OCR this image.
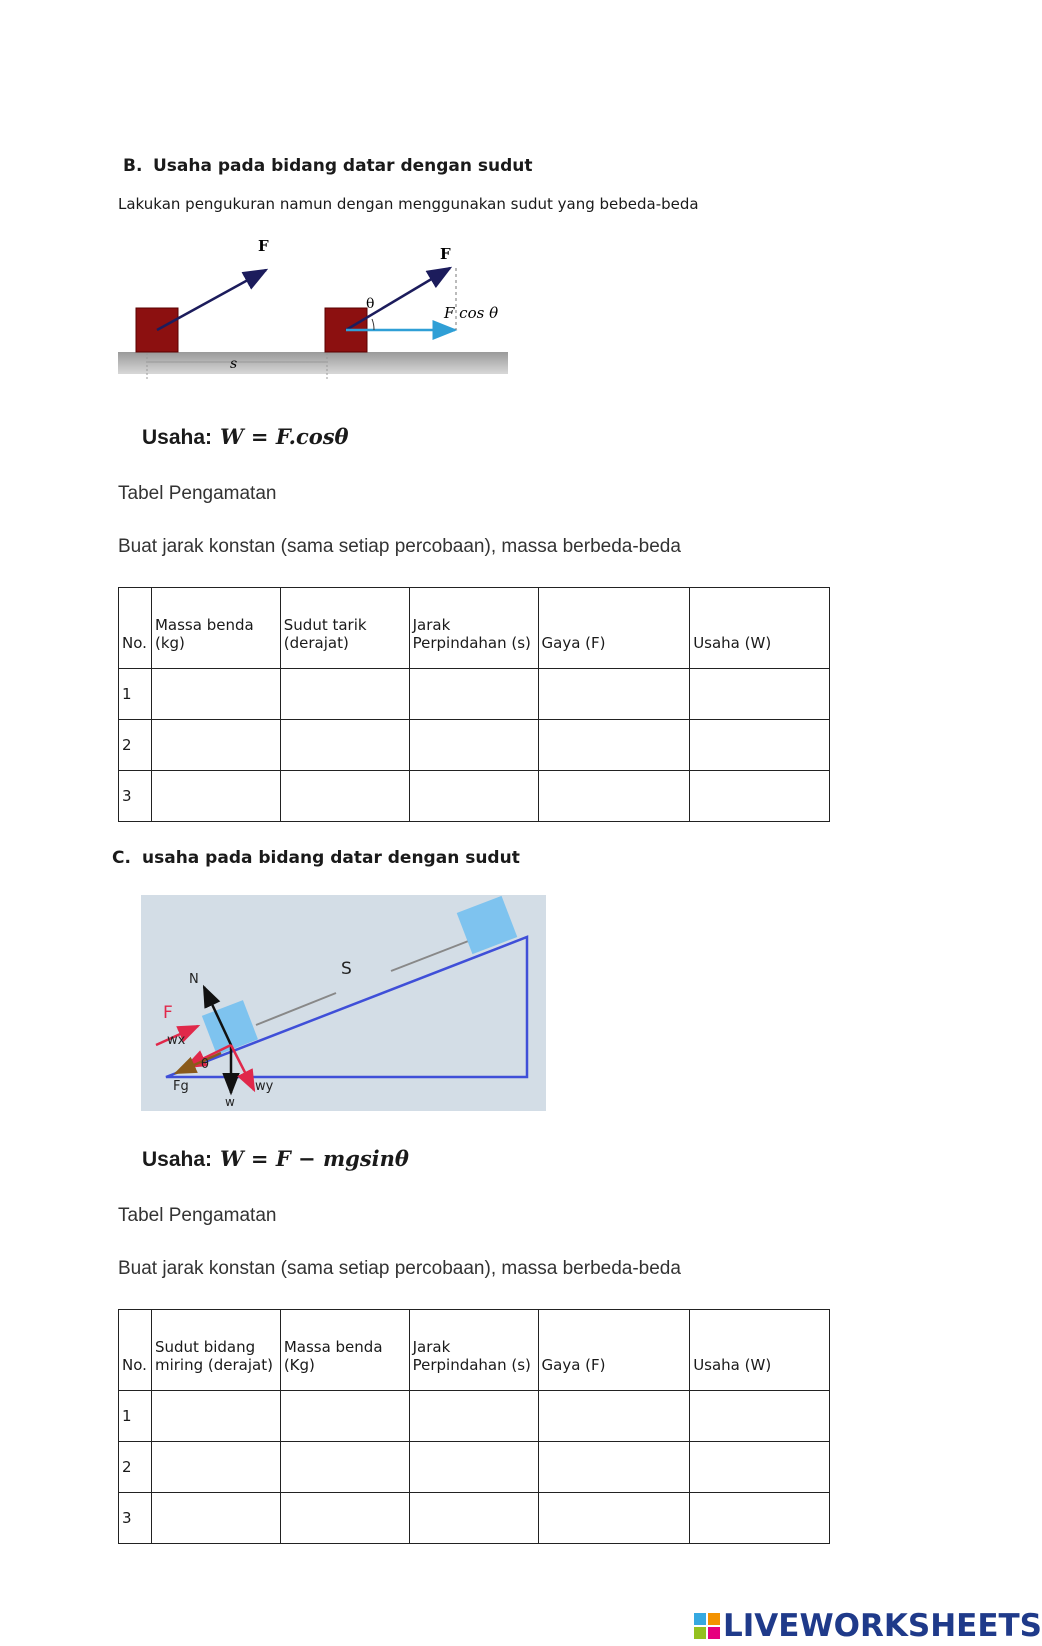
B. Usaha pada bidang datar dengan sudut
Lakukan pengukuran namun dengan menggunakan sudut yang bebeda-beda
F	F
θ	F cos θ
s
Usaha: W = F.cosθ
Tabel Pengamatan
Buat jarak konstan (sama setiap percobaan), massa berbeda-beda
No.	Massa benda (kg)	Sudut tarik (derajat)	Jarak Perpindahan (s)	Gaya (F)	Usaha (W)
1					
2					
3					
C. usaha pada bidang datar dengan sudut
N
S
F
wx
θ
Fg
w
wy
Usaha: W = F − mgsinθ
Tabel Pengamatan
Buat jarak konstan (sama setiap percobaan), massa berbeda-beda
No.	Sudut bidang miring (derajat)	Massa benda (Kg)	Jarak Perpindahan (s)	Gaya (F)	Usaha (W)
1					
2					
3					
LIVEWORKSHEETS
